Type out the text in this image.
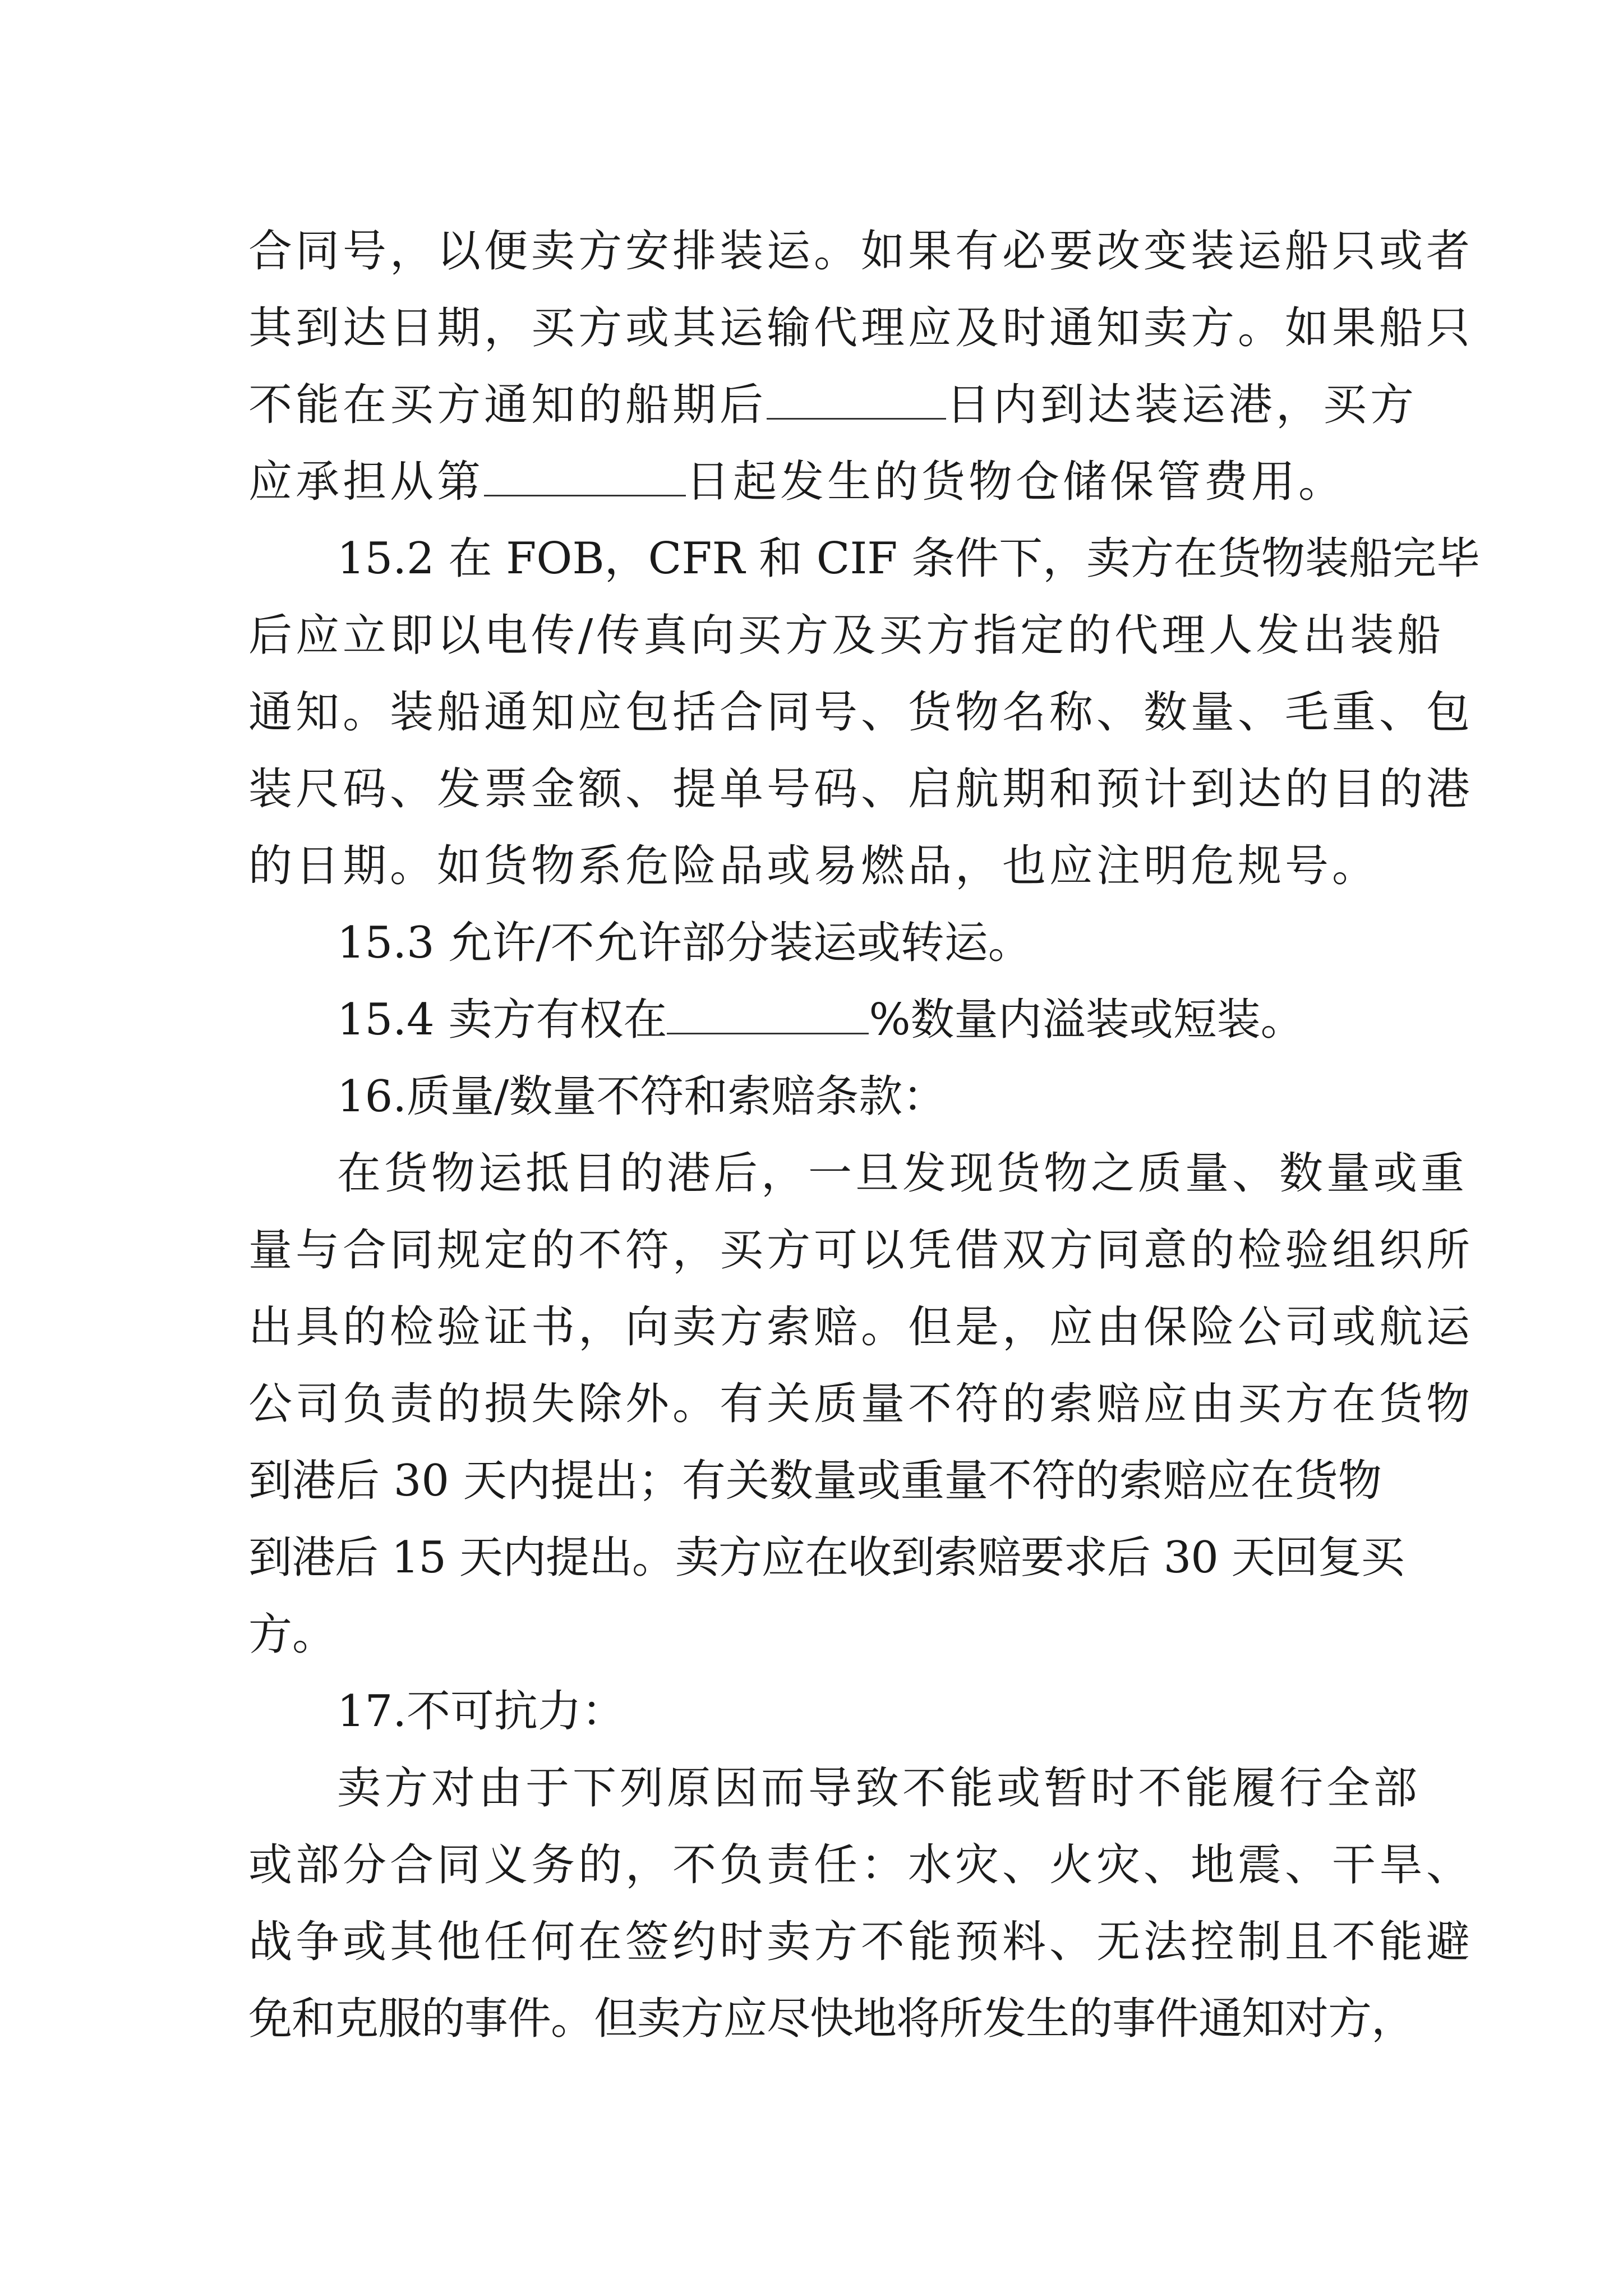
合同号，以便卖方安排装运。如果有必要改变装运船只或者
其到达日期，买方或其运输代理应及时通知卖方。如果船只
不能在买方通知的船期后	日内到达装运港，买方
应承担从第	日起发生的货物仓储保管费用。
15.2 在 FOB，CFR 和 CIF 条件下，卖方在货物装船完毕
后应立即以电传/传真向买方及买方指定的代理人发出装船
通知。装船通知应包括合同号、货物名称、数量、毛重、包
装尺码、发票金额、提单号码、启航期和预计到达的目的港
的日期。如货物系危险品或易燃品，也应注明危规号。
15.3 允许/不允许部分装运或转运。
15.4 卖方有权在	%数量内溢装或短装。
16.质量/数量不符和索赔条款：
在货物运抵目的港后，一旦发现货物之质量、数量或重
量与合同规定的不符，买方可以凭借双方同意的检验组织所
出具的检验证书，向卖方索赔。但是，应由保险公司或航运
公司负责的损失除外。有关质量不符的索赔应由买方在货物
到港后 30 天内提出；有关数量或重量不符的索赔应在货物
到港后 15 天内提出。卖方应在收到索赔要求后 30 天回复买
方。
17.不可抗力：
卖方对由于下列原因而导致不能或暂时不能履行全部
或部分合同义务的，不负责任：水灾、火灾、地震、干旱、
战争或其他任何在签约时卖方不能预料、无法控制且不能避
免和克服的事件。但卖方应尽快地将所发生的事件通知对方，
